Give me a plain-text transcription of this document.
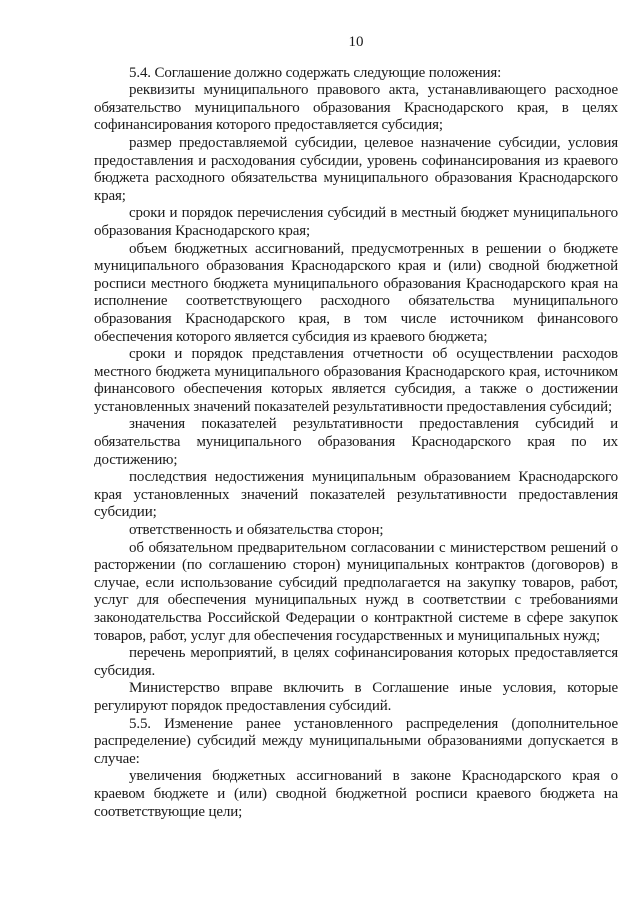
10

5.4. Соглашение должно содержать следующие положения:

реквизиты муниципального правового акта, устанавливающего расходное обязательство муниципального образования Краснодарского края, в целях софинансирования которого предоставляется субсидия;

размер предоставляемой субсидии, целевое назначение субсидии, условия предоставления и расходования субсидии, уровень софинансирования из краевого бюджета расходного обязательства муниципального образования Краснодарского края;

сроки и порядок перечисления субсидий в местный бюджет муниципального образования Краснодарского края;

объем бюджетных ассигнований, предусмотренных в решении о бюджете муниципального образования Краснодарского края и (или) сводной бюджетной росписи местного бюджета муниципального образования Краснодарского края на исполнение соответствующего расходного обязательства муниципального образования Краснодарского края, в том числе источником финансового обеспечения которого является субсидия из краевого бюджета;

сроки и порядок представления отчетности об осуществлении расходов местного бюджета муниципального образования Краснодарского края, источником финансового обеспечения которых является субсидия, а также о достижении установленных значений показателей результативности предоставления субсидий;

значения показателей результативности предоставления субсидий и обязательства муниципального образования Краснодарского края по их достижению;

последствия недостижения муниципальным образованием Краснодарского края установленных значений показателей результативности предоставления субсидии;

ответственность и обязательства сторон;

об обязательном предварительном согласовании с министерством решений о расторжении (по соглашению сторон) муниципальных контрактов (договоров) в случае, если использование субсидий предполагается на закупку товаров, работ, услуг для обеспечения муниципальных нужд в соответствии с требованиями законодательства Российской Федерации о контрактной системе в сфере закупок товаров, работ, услуг для обеспечения государственных и муниципальных нужд;

перечень мероприятий, в целях софинансирования которых предоставляется субсидия.

Министерство вправе включить в Соглашение иные условия, которые регулируют порядок предоставления субсидий.

5.5. Изменение ранее установленного распределения (дополнительное распределение) субсидий между муниципальными образованиями допускается в случае:

увеличения бюджетных ассигнований в законе Краснодарского края о краевом бюджете и (или) сводной бюджетной росписи краевого бюджета на соответствующие цели;
